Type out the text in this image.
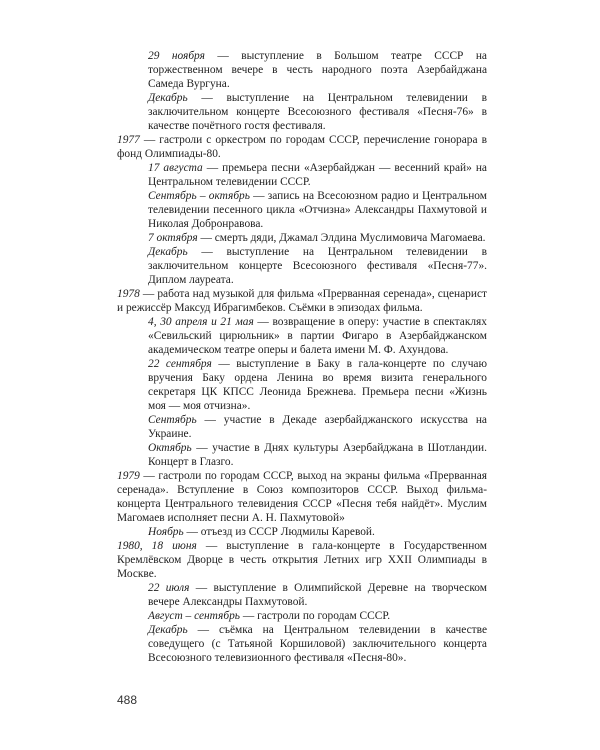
29 ноября — выступление в Большом театре СССР на торжественном вечере в честь народного поэта Азербайджана Самеда Вургуна.

Декабрь — выступление на Центральном телевидении в заключительном концерте Всесоюзного фестиваля «Песня-76» в качестве почётного гостя фестиваля.

1977 — гастроли с оркестром по городам СССР, перечисление гонорара в фонд Олимпиады-80.

17 августа — премьера песни «Азербайджан — весенний край» на Центральном телевидении СССР.

Сентябрь – октябрь — запись на Всесоюзном радио и Центральном телевидении песенного цикла «Отчизна» Александры Пахмутовой и Николая Добронравова.

7 октября — смерть дяди, Джамал Элдина Муслимовича Магомаева.

Декабрь — выступление на Центральном телевидении в заключительном концерте Всесоюзного фестиваля «Песня-77». Диплом лауреата.

1978 — работа над музыкой для фильма «Прерванная серенада», сценарист и режиссёр Максуд Ибрагимбеков. Съёмки в эпизодах фильма.

4, 30 апреля и 21 мая — возвращение в оперу: участие в спектаклях «Севильский цирюльник» в партии Фигаро в Азербайджанском академическом театре оперы и балета имени М. Ф. Ахундова.

22 сентября — выступление в Баку в гала-концерте по случаю вручения Баку ордена Ленина во время визита генерального секретаря ЦК КПСС Леонида Брежнева. Премьера песни «Жизнь моя — моя отчизна».

Сентябрь — участие в Декаде азербайджанского искусства на Украине.

Октябрь — участие в Днях культуры Азербайджана в Шотландии. Концерт в Глазго.

1979 — гастроли по городам СССР, выход на экраны фильма «Прерванная серенада». Вступление в Союз композиторов СССР. Выход фильма-концерта Центрального телевидения СССР «Песня тебя найдёт». Муслим Магомаев исполняет песни А. Н. Пахмутовой»

Ноябрь — отъезд из СССР Людмилы Каревой.

1980, 18 июня — выступление в гала-концерте в Государственном Кремлёвском Дворце в честь открытия Летних игр XXII Олимпиады в Москве.

22 июля — выступление в Олимпийской Деревне на творческом вечере Александры Пахмутовой.

Август – сентябрь — гастроли по городам СССР.

Декабрь — съёмка на Центральном телевидении в качестве соведущего (с Татьяной Коршиловой) заключительного концерта Всесоюзного телевизионного фестиваля «Песня-80».

488
